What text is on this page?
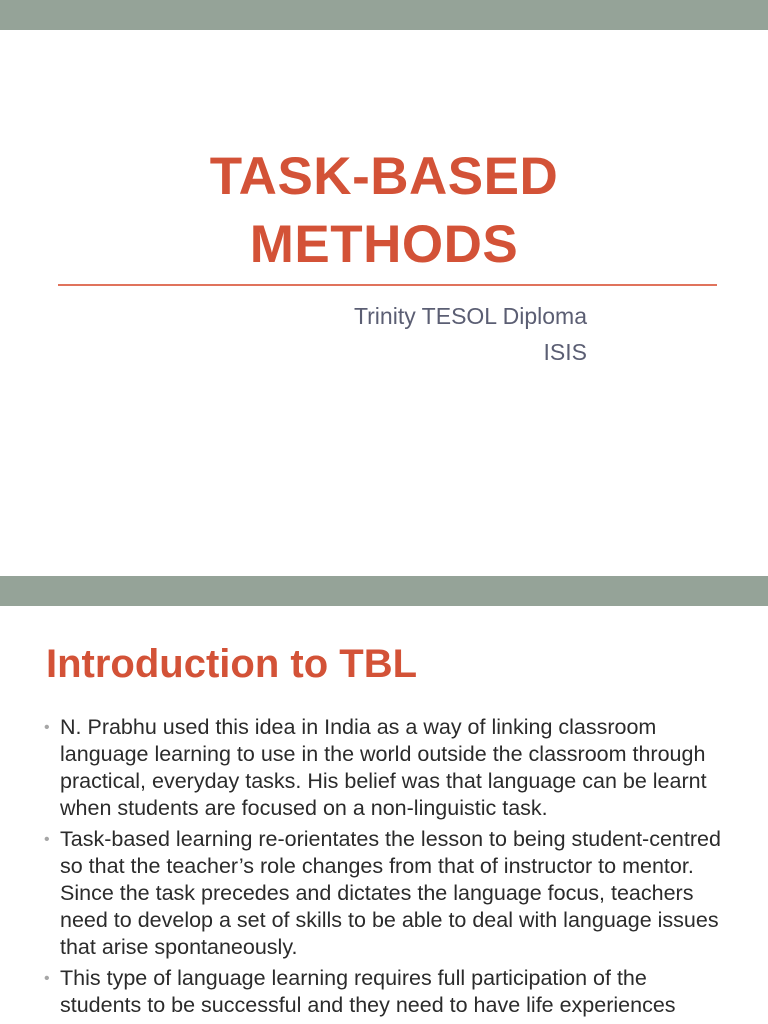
TASK-BASED
METHODS
Trinity TESOL Diploma
ISIS
Introduction to TBL
• N. Prabhu used this idea in India as a way of linking classroom language learning to use in the world outside the classroom through practical, everyday tasks. His belief was that language can be learnt when students are focused on a non-linguistic task.
• Task-based learning re-orientates the lesson to being student-centred so that the teacher’s role changes from that of instructor to mentor. Since the task precedes and dictates the language focus, teachers need to develop a set of skills to be able to deal with language issues that arise spontaneously.
• This type of language learning requires full participation of the students to be successful and they need to have life experiences
